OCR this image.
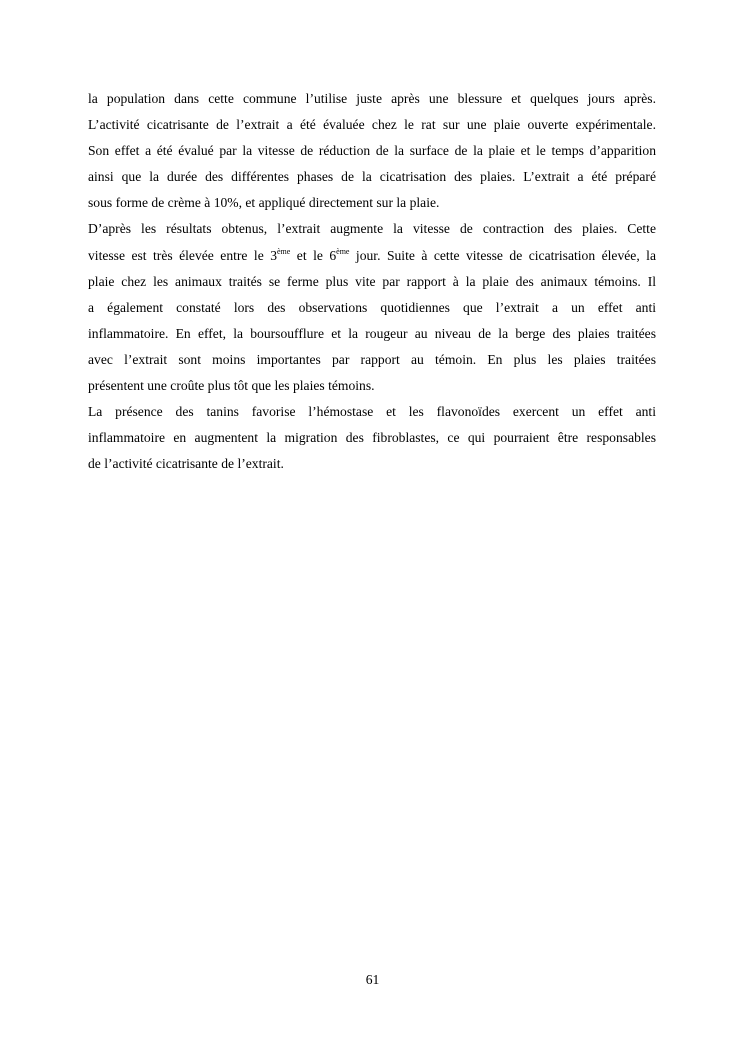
la population dans cette commune l’utilise juste après une blessure et quelques jours après.
L’activité cicatrisante de l’extrait a été évaluée chez le rat sur une plaie ouverte expérimentale.
Son effet a été évalué par la vitesse de réduction de la surface de la plaie et le temps d’apparition
ainsi que la durée des différentes phases de la cicatrisation des plaies. L’extrait a été préparé
sous forme de crème à 10%, et appliqué directement sur la plaie.
D’après les résultats obtenus, l’extrait augmente la vitesse de contraction des plaies. Cette
vitesse est très élevée entre le 3ème et le 6ème jour. Suite à cette vitesse de cicatrisation élevée, la
plaie chez les animaux traités se ferme plus vite par rapport à la plaie des animaux témoins. Il
a également constaté lors des observations quotidiennes que l’extrait a un effet anti
inflammatoire. En effet, la boursoufflure et la rougeur au niveau de la berge des plaies traitées
avec l’extrait sont moins importantes par rapport au témoin. En plus les plaies traitées
présentent une croûte plus tôt que les plaies témoins.
La présence des tanins favorise l’hémostase et les flavonoïdes exercent un effet anti
inflammatoire en augmentent la migration des fibroblastes, ce qui pourraient être responsables
de l’activité cicatrisante de l’extrait.
61
